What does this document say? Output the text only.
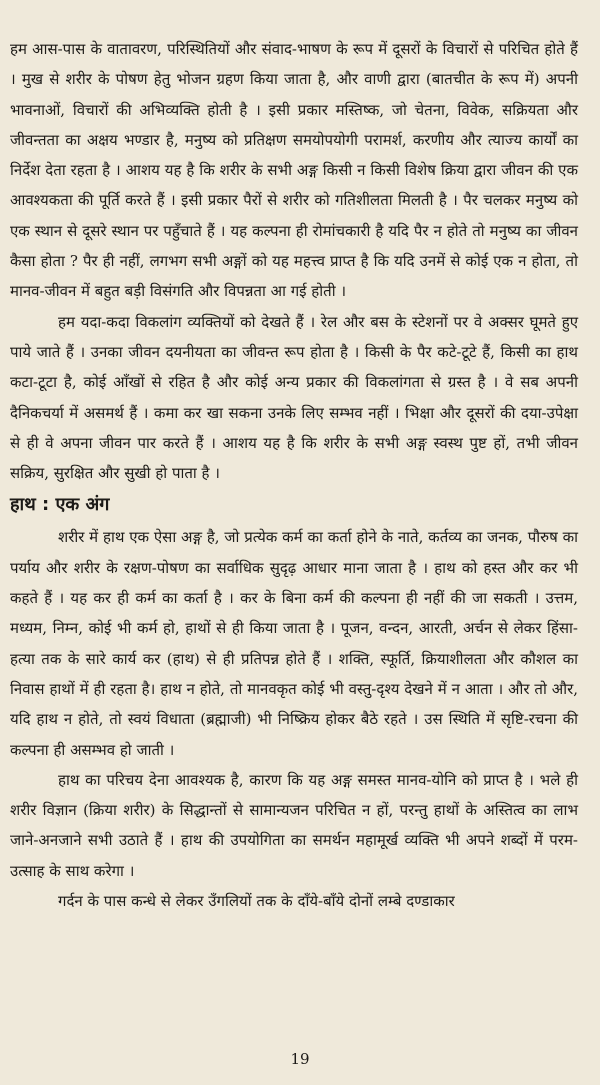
हम आस-पास के वातावरण, परिस्थितियों और संवाद-भाषण के रूप में दूसरों के विचारों से परिचित होते हैं । मुख से शरीर के पोषण हेतु भोजन ग्रहण किया जाता है, और वाणी द्वारा (बातचीत के रूप में) अपनी भावनाओं, विचारों की अभिव्यक्ति होती है । इसी प्रकार मस्तिष्क, जो चेतना, विवेक, सक्रियता और जीवन्तता का अक्षय भण्डार है, मनुष्य को प्रतिक्षण समयोपयोगी परामर्श, करणीय और त्याज्य कार्यों का निर्देश देता रहता है । आशय यह है कि शरीर के सभी अङ्ग किसी न किसी विशेष क्रिया द्वारा जीवन की एक आवश्यकता की पूर्ति करते हैं । इसी प्रकार पैरों से शरीर को गतिशीलता मिलती है । पैर चलकर मनुष्य को एक स्थान से दूसरे स्थान पर पहुँचाते हैं । यह कल्पना ही रोमांचकारी है यदि पैर न होते तो मनुष्य का जीवन कैसा होता ? पैर ही नहीं, लगभग सभी अङ्गों को यह महत्त्व प्राप्त है कि यदि उनमें से कोई एक न होता, तो मानव-जीवन में बहुत बड़ी विसंगति और विपन्नता आ गई होती ।

हम यदा-कदा विकलांग व्यक्तियों को देखते हैं । रेल और बस के स्टेशनों पर वे अक्सर घूमते हुए पाये जाते हैं । उनका जीवन दयनीयता का जीवन्त रूप होता है । किसी के पैर कटे-टूटे हैं, किसी का हाथ कटा-टूटा है, कोई आँखों से रहित है और कोई अन्य प्रकार की विकलांगता से ग्रस्त है । वे सब अपनी दैनिकचर्या में असमर्थ हैं । कमा कर खा सकना उनके लिए सम्भव नहीं । भिक्षा और दूसरों की दया-उपेक्षा से ही वे अपना जीवन पार करते हैं । आशय यह है कि शरीर के सभी अङ्ग स्वस्थ पुष्ट हों, तभी जीवन सक्रिय, सुरक्षित और सुखी हो पाता है ।

हाथ : एक अंग

शरीर में हाथ एक ऐसा अङ्ग है, जो प्रत्येक कर्म का कर्ता होने के नाते, कर्तव्य का जनक, पौरुष का पर्याय और शरीर के रक्षण-पोषण का सर्वाधिक सुदृढ़ आधार माना जाता है । हाथ को हस्त और कर भी कहते हैं । यह कर ही कर्म का कर्ता है । कर के बिना कर्म की कल्पना ही नहीं की जा सकती । उत्तम, मध्यम, निम्न, कोई भी कर्म हो, हाथों से ही किया जाता है । पूजन, वन्दन, आरती, अर्चन से लेकर हिंसा-हत्या तक के सारे कार्य कर (हाथ) से ही प्रतिपन्न होते हैं । शक्ति, स्फूर्ति, क्रियाशीलता और कौशल का निवास हाथों में ही रहता है। हाथ न होते, तो मानवकृत कोई भी वस्तु-दृश्य देखने में न आता । और तो और, यदि हाथ न होते, तो स्वयं विधाता (ब्रह्माजी) भी निष्क्रिय होकर बैठे रहते । उस स्थिति में सृष्टि-रचना की कल्पना ही असम्भव हो जाती ।

हाथ का परिचय देना आवश्यक है, कारण कि यह अङ्ग समस्त मानव-योनि को प्राप्त है । भले ही शरीर विज्ञान (क्रिया शरीर) के सिद्धान्तों से सामान्यजन परिचित न हों, परन्तु हाथों के अस्तित्व का लाभ जाने-अनजाने सभी उठाते हैं । हाथ की उपयोगिता का समर्थन महामूर्ख व्यक्ति भी अपने शब्दों में परम-उत्साह के साथ करेगा ।

गर्दन के पास कन्धे से लेकर उँगलियों तक के दाँये-बाँये दोनों लम्बे दण्डाकार

19
